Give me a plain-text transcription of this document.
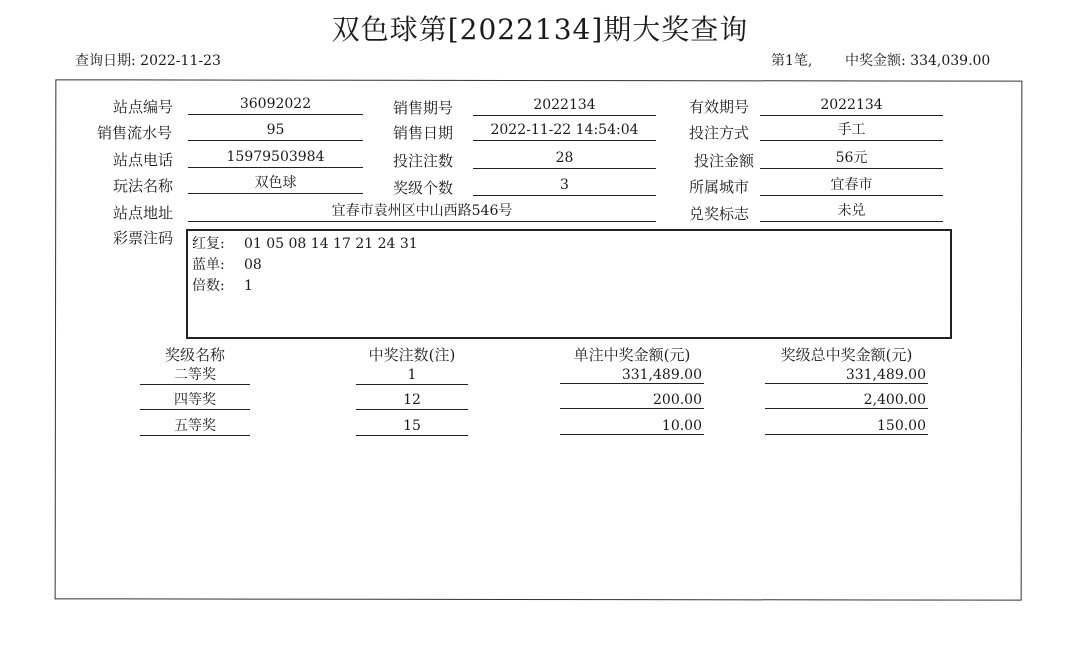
双色球第[2022134]期大奖查询
查询日期: 2022-11-23	第1笔, 中奖金额: 334,039.00
站点编号	36092022	销售期号	2022134	有效期号	2022134
销售流水号	95	销售日期	2022-11-22 14:54:04	投注方式	手工
站点电话	15979503984	投注注数	28	投注金额	56元
玩法名称	双色球	奖级个数	3	所属城市	宜春市
站点地址	宜春市袁州区中山西路546号	兑奖标志	未兑
彩票注码 红复: 01 05 08 14 17 21 24 31
蓝单: 08
倍数: 1
奖级名称	中奖注数(注)	单注中奖金额(元)	奖级总中奖金额(元)
二等奖	1	331,489.00	331,489.00
四等奖	12	200.00	2,400.00
五等奖	15	10.00	150.00
